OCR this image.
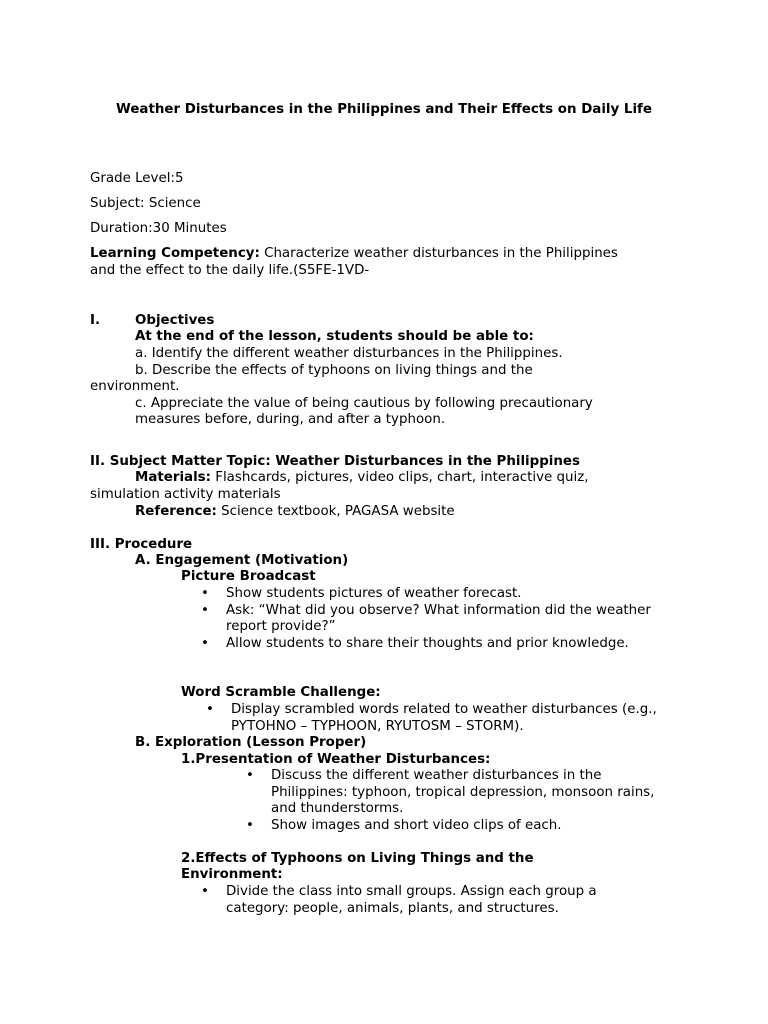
Weather Disturbances in the Philippines and Their Effects on Daily Life
Grade Level:5
Subject: Science
Duration:30 Minutes
Learning Competency: Characterize weather disturbances in the Philippines and the effect to the daily life.(S5FE-1VD-
I.	Objectives
At the end of the lesson, students should be able to:
a. Identify the different weather disturbances in the Philippines.
b. Describe the effects of typhoons on living things and the
environment.
c. Appreciate the value of being cautious by following precautionary
measures before, during, and after a typhoon.
II. Subject Matter Topic: Weather Disturbances in the Philippines
Materials: Flashcards, pictures, video clips, chart, interactive quiz,
simulation activity materials
Reference: Science textbook, PAGASA website
III. Procedure
A. Engagement (Motivation)
Picture Broadcast
• Show students pictures of weather forecast.
• Ask: “What did you observe? What information did the weather report provide?”
• Allow students to share their thoughts and prior knowledge.
Word Scramble Challenge:
• Display scrambled words related to weather disturbances (e.g., PYTOHNO – TYPHOON, RYUTOSM – STORM).
B. Exploration (Lesson Proper)
1.Presentation of Weather Disturbances:
• Discuss the different weather disturbances in the Philippines: typhoon, tropical depression, monsoon rains, and thunderstorms.
• Show images and short video clips of each.
2.Effects of Typhoons on Living Things and the
Environment:
• Divide the class into small groups. Assign each group a category: people, animals, plants, and structures.
